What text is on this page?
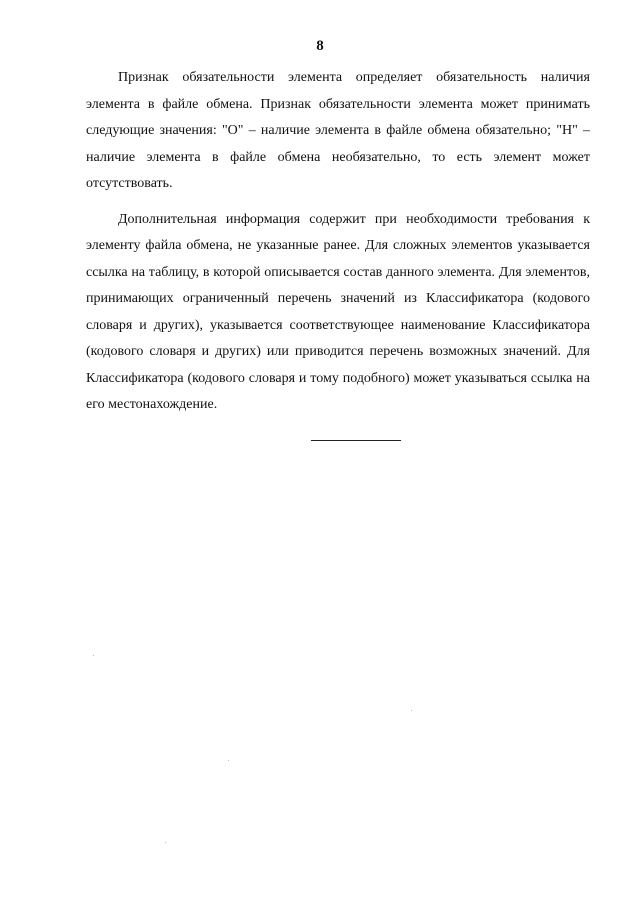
8

Признак обязательности элемента определяет обязательность наличия элемента в файле обмена. Признак обязательности элемента может принимать следующие значения: "О" – наличие элемента в файле обмена обязательно; "Н" – наличие элемента в файле обмена необязательно, то есть элемент может отсутствовать.

Дополнительная информация содержит при необходимости требования к элементу файла обмена, не указанные ранее. Для сложных элементов указывается ссылка на таблицу, в которой описывается состав данного элемента. Для элементов, принимающих ограниченный перечень значений из Классификатора (кодового словаря и других), указывается соответствующее наименование Классификатора (кодового словаря и других) или приводится перечень возможных значений. Для Классификатора (кодового словаря и тому подобного) может указываться ссылка на его местонахождение.
